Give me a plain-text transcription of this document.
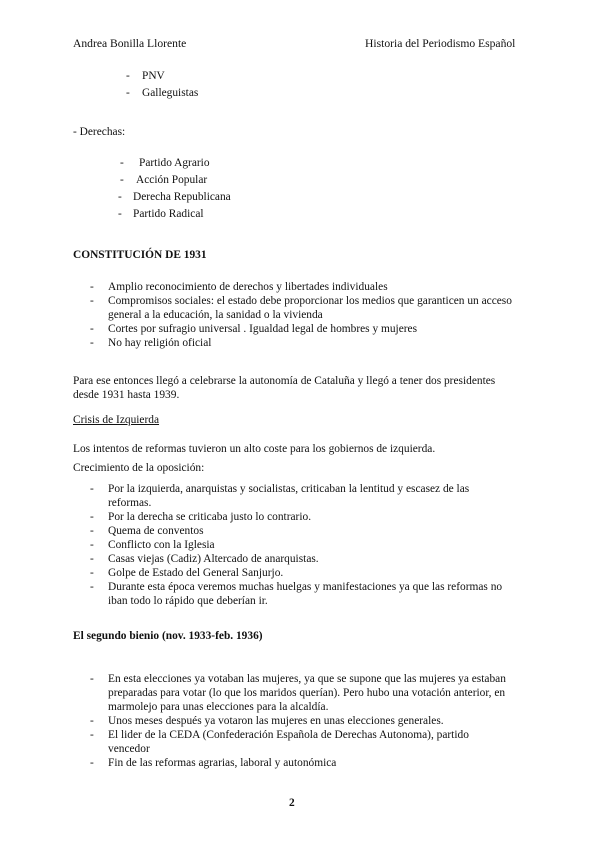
Andrea Bonilla Llorente	Historia del Periodismo Español
- PNV
- Galleguistas
- Derechas:
- Partido Agrario
- Acción Popular
- Derecha Republicana
- Partido Radical
CONSTITUCIÓN DE 1931
- Amplio reconocimiento de derechos y libertades individuales
- Compromisos sociales: el estado debe proporcionar los medios que garanticen un acceso general a la educación, la sanidad o la vivienda
- Cortes por sufragio universal . Igualdad legal de hombres y mujeres
- No hay religión oficial
Para ese entonces llegó a celebrarse la autonomía de Cataluña y llegó a tener dos presidentes desde 1931 hasta 1939.
Crisis de Izquierda
Los intentos de reformas tuvieron un alto coste para los gobiernos de izquierda.
Crecimiento de la oposición:
- Por la izquierda, anarquistas y socialistas, criticaban la lentitud y escasez de las reformas.
- Por la derecha se criticaba justo lo contrario.
- Quema de conventos
- Conflicto con la Iglesia
- Casas viejas (Cadiz) Altercado de anarquistas.
- Golpe de Estado del General Sanjurjo.
- Durante esta época veremos muchas huelgas y manifestaciones ya que las reformas no iban todo lo rápido que deberían ir.
El segundo bienio (nov. 1933-feb. 1936)
- En esta elecciones ya votaban las mujeres, ya que se supone que las mujeres ya estaban preparadas para votar (lo que los maridos querían). Pero hubo una votación anterior, en marmolejo para unas elecciones para la alcaldía.
- Unos meses después ya votaron las mujeres en unas elecciones generales.
- El lider de la CEDA (Confederación Española de Derechas Autonoma), partido vencedor
- Fin de las reformas agrarias, laboral y autonómica
2
